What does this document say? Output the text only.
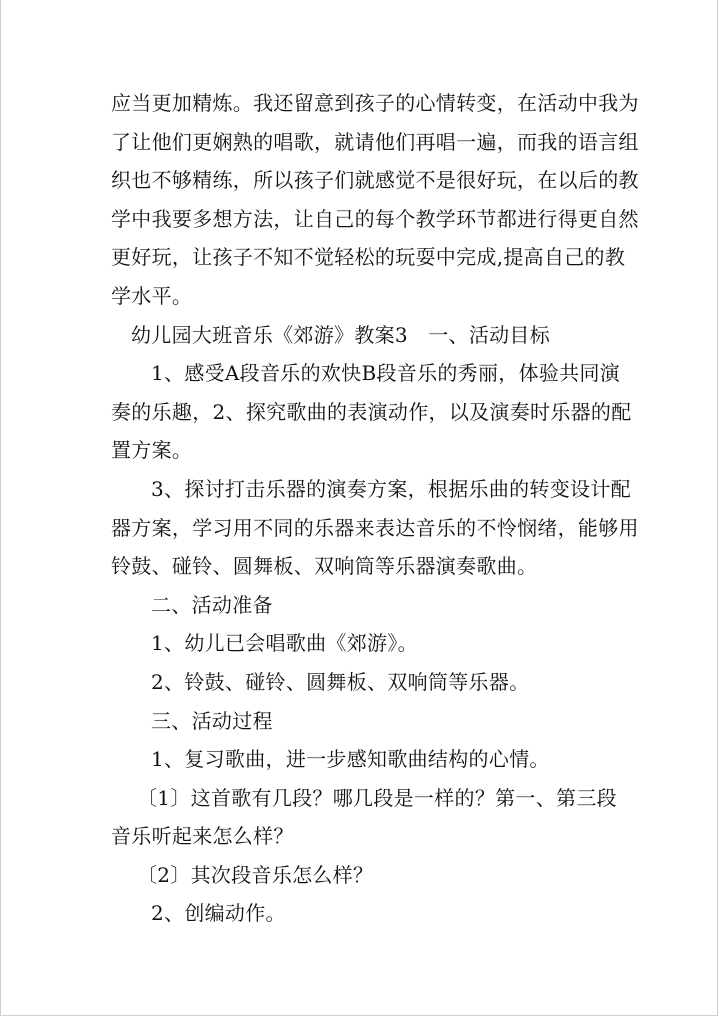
应当更加精炼。我还留意到孩子的心情转变，在活动中我为
了让他们更娴熟的唱歌，就请他们再唱一遍，而我的语言组
织也不够精练，所以孩子们就感觉不是很好玩，在以后的教
学中我要多想方法，让自己的每个教学环节都进行得更自然
更好玩，让孩子不知不觉轻松的玩耍中完成,提高自己的教
学水平。
幼儿园大班音乐《郊游》教案3　一、活动目标
1、感受A段音乐的欢快B段音乐的秀丽，体验共同演
奏的乐趣，2、探究歌曲的表演动作，以及演奏时乐器的配
置方案。
3、探讨打击乐器的演奏方案，根据乐曲的转变设计配
器方案，学习用不同的乐器来表达音乐的不怜悯绪，能够用
铃鼓、碰铃、圆舞板、双响筒等乐器演奏歌曲。
二、活动准备
1、幼儿已会唱歌曲《郊游》。
2、铃鼓、碰铃、圆舞板、双响筒等乐器。
三、活动过程
1、复习歌曲，进一步感知歌曲结构的心情。
〔1〕这首歌有几段？哪几段是一样的？第一、第三段
音乐听起来怎么样？
〔2〕其次段音乐怎么样？
2、创编动作。
